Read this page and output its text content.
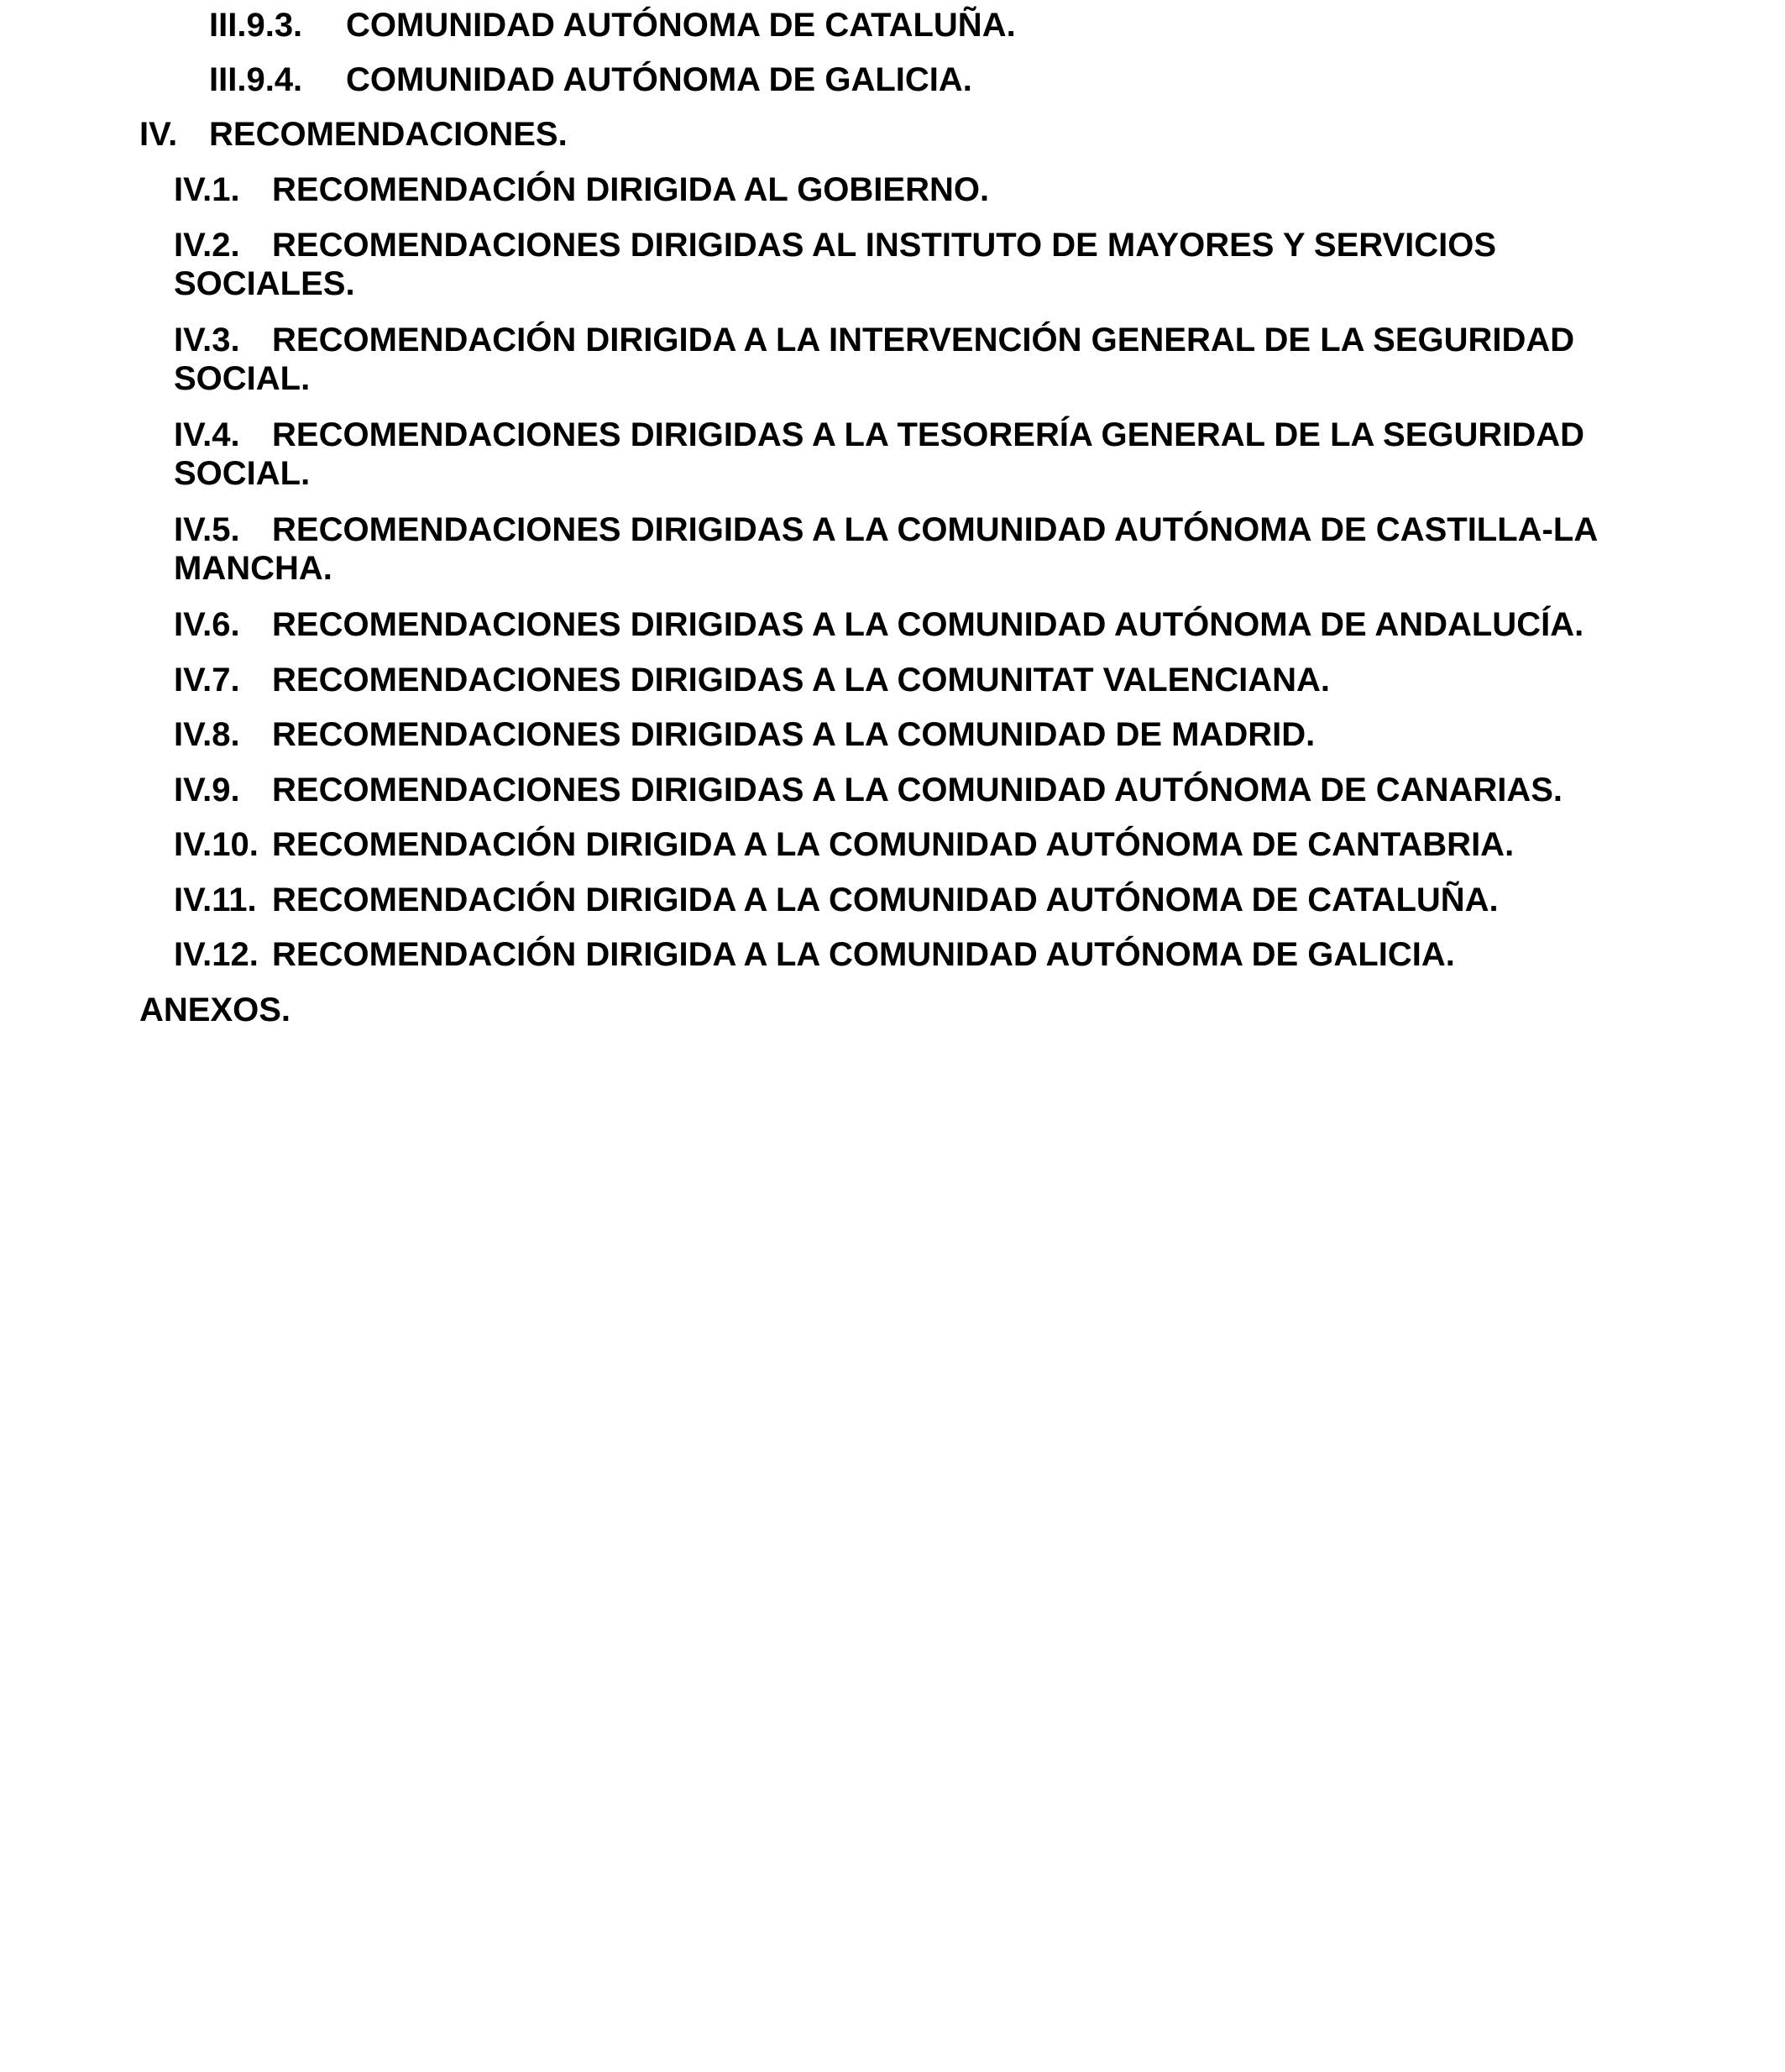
III.9.3. COMUNIDAD AUTÓNOMA DE CATALUÑA.
III.9.4. COMUNIDAD AUTÓNOMA DE GALICIA.
IV. RECOMENDACIONES.
IV.1. RECOMENDACIÓN DIRIGIDA AL GOBIERNO.
IV.2. RECOMENDACIONES DIRIGIDAS AL INSTITUTO DE MAYORES Y SERVICIOS
SOCIALES.
IV.3. RECOMENDACIÓN DIRIGIDA A LA INTERVENCIÓN GENERAL DE LA SEGURIDAD
SOCIAL.
IV.4. RECOMENDACIONES DIRIGIDAS A LA TESORERÍA GENERAL DE LA SEGURIDAD
SOCIAL.
IV.5. RECOMENDACIONES DIRIGIDAS A LA COMUNIDAD AUTÓNOMA DE CASTILLA-LA
MANCHA.
IV.6. RECOMENDACIONES DIRIGIDAS A LA COMUNIDAD AUTÓNOMA DE ANDALUCÍA.
IV.7. RECOMENDACIONES DIRIGIDAS A LA COMUNITAT VALENCIANA.
IV.8. RECOMENDACIONES DIRIGIDAS A LA COMUNIDAD DE MADRID.
IV.9. RECOMENDACIONES DIRIGIDAS A LA COMUNIDAD AUTÓNOMA DE CANARIAS.
IV.10. RECOMENDACIÓN DIRIGIDA A LA COMUNIDAD AUTÓNOMA DE CANTABRIA.
IV.11. RECOMENDACIÓN DIRIGIDA A LA COMUNIDAD AUTÓNOMA DE CATALUÑA.
IV.12. RECOMENDACIÓN DIRIGIDA A LA COMUNIDAD AUTÓNOMA DE GALICIA.
ANEXOS.
